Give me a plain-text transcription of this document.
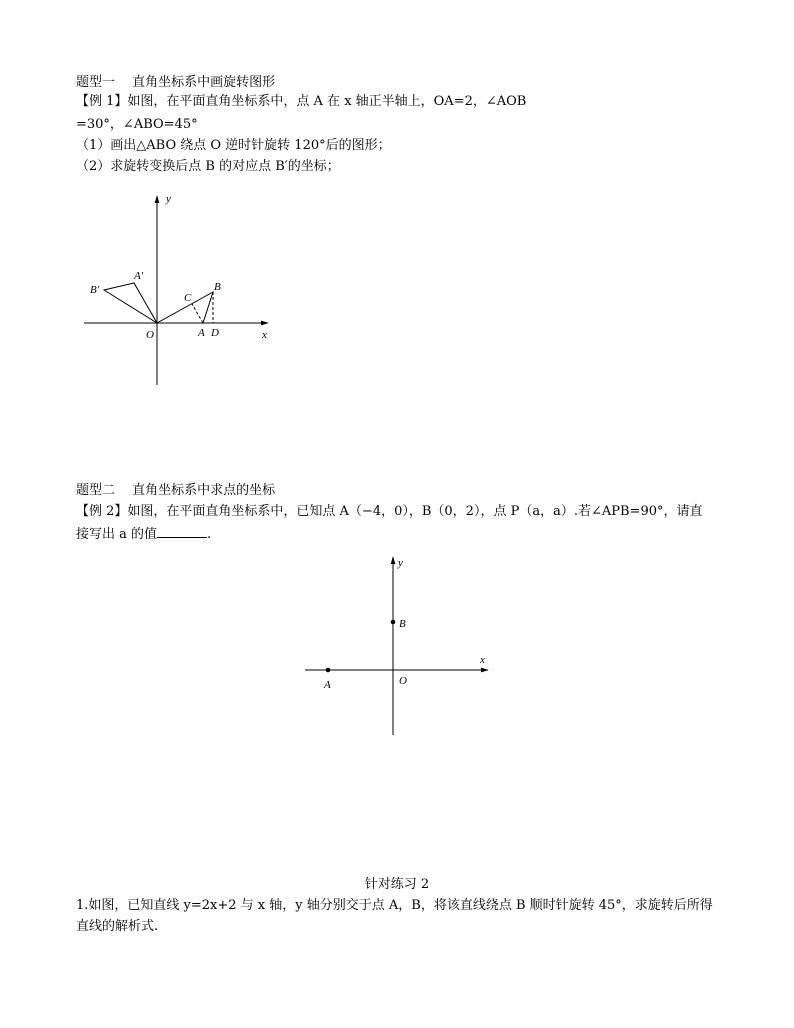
题型一　 直角坐标系中画旋转图形
【例 1】如图，在平面直角坐标系中，点 A 在 x 轴正半轴上，OA=2，∠AOB
=30°，∠ABO=45°
（1）画出△ABO 绕点 O 逆时针旋转 120°后的图形；
（2）求旋转变换后点 B 的对应点 B′的坐标；
y
x
O	A D
B
C
A′
B′
题型二　 直角坐标系中求点的坐标
【例 2】如图，在平面直角坐标系中，已知点 A（−4，0），B（0，2），点 P（a，a）.若∠APB=90°，请直
接写出 a 的值	.
y
x
O
A
B
针对练习 2
1.如图，已知直线 y=2x+2 与 x 轴，y 轴分别交于点 A，B，将该直线绕点 B 顺时针旋转 45°，求旋转后所得
直线的解析式.
